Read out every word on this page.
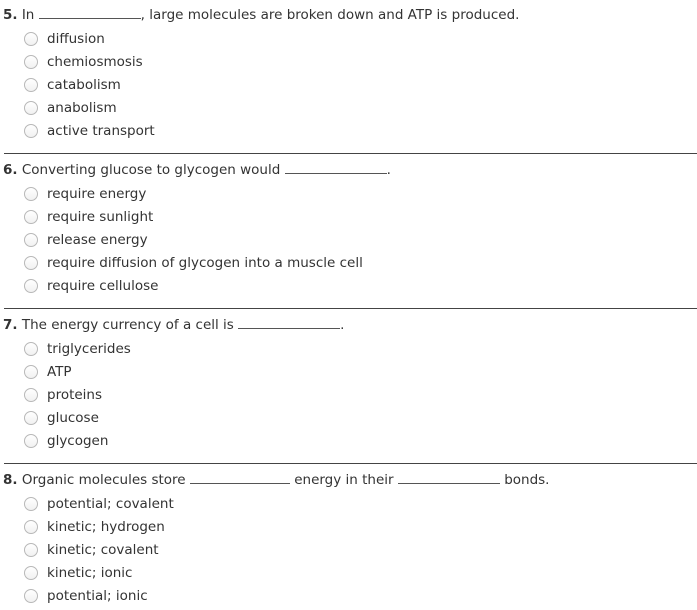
5. In	, large molecules are broken down and ATP is produced.
diffusion
chemiosmosis
catabolism
anabolism
active transport
6. Converting glucose to glycogen would	.
require energy
require sunlight
release energy
require diffusion of glycogen into a muscle cell
require cellulose
7. The energy currency of a cell is	.
triglycerides
ATP
proteins
glucose
glycogen
8. Organic molecules store	energy in their	bonds.
potential; covalent
kinetic; hydrogen
kinetic; covalent
kinetic; ionic
potential; ionic
